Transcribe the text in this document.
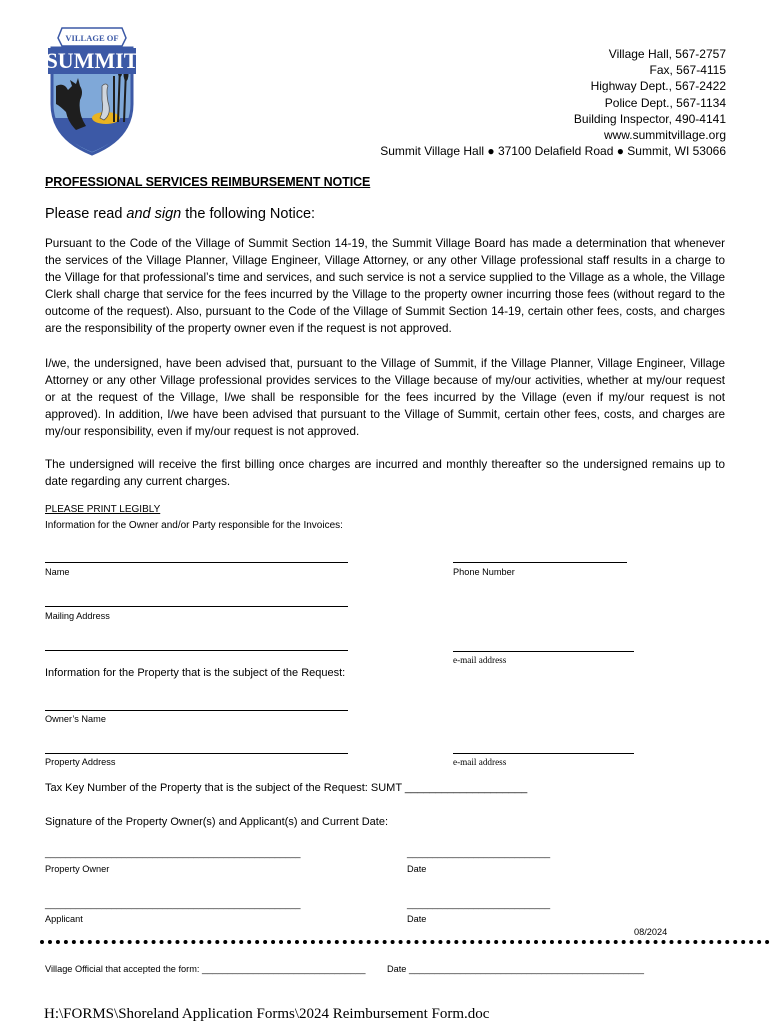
VILLAGE OF
SUMMIT	Village Hall, 567-2757
Fax, 567-4115
Highway Dept., 567-2422
Police Dept., 567-1134
Building Inspector, 490-4141
www.summitvillage.org
Summit Village Hall ● 37100 Delafield Road ● Summit, WI 53066
PROFESSIONAL SERVICES REIMBURSEMENT NOTICE
Please read and sign the following Notice:
Pursuant to the Code of the Village of Summit Section 14-19, the Summit Village Board has made a determination that whenever the services of the Village Planner, Village Engineer, Village Attorney, or any other Village professional staff results in a charge to the Village for that professional’s time and services, and such service is not a service supplied to the Village as a whole, the Village Clerk shall charge that service for the fees incurred by the Village to the property owner incurring those fees (without regard to the outcome of the request). Also, pursuant to the Code of the Village of Summit Section 14-19, certain other fees, costs, and charges are the responsibility of the property owner even if the request is not approved.
I/we, the undersigned, have been advised that, pursuant to the Village of Summit, if the Village Planner, Village Engineer, Village Attorney or any other Village professional provides services to the Village because of my/our activities, whether at my/our request or at the request of the Village, I/we shall be responsible for the fees incurred by the Village (even if my/our request is not approved). In addition, I/we have been advised that pursuant to the Village of Summit, certain other fees, costs, and charges are my/our responsibility, even if my/our request is not approved.
The undersigned will receive the first billing once charges are incurred and monthly thereafter so the undersigned remains up to date regarding any current charges.
PLEASE PRINT LEGIBLY
Information for the Owner and/or Party responsible for the Invoices:
Name	Phone Number
Mailing Address
e-mail address
Information for the Property that is the subject of the Request:
Owner’s Name
Property Address	e-mail address
Tax Key Number of the Property that is the subject of the Request: SUMT ____________________
Signature of the Property Owner(s) and Applicant(s) and Current Date:
__________________________________________________
Property Owner
____________________________
Date
__________________________________________________
Applicant
____________________________
Date
08/2024
Village Official that accepted the form: ________________________________ Date ______________________________________________
H:\FORMS\Shoreland Application Forms\2024 Reimbursement Form.doc
